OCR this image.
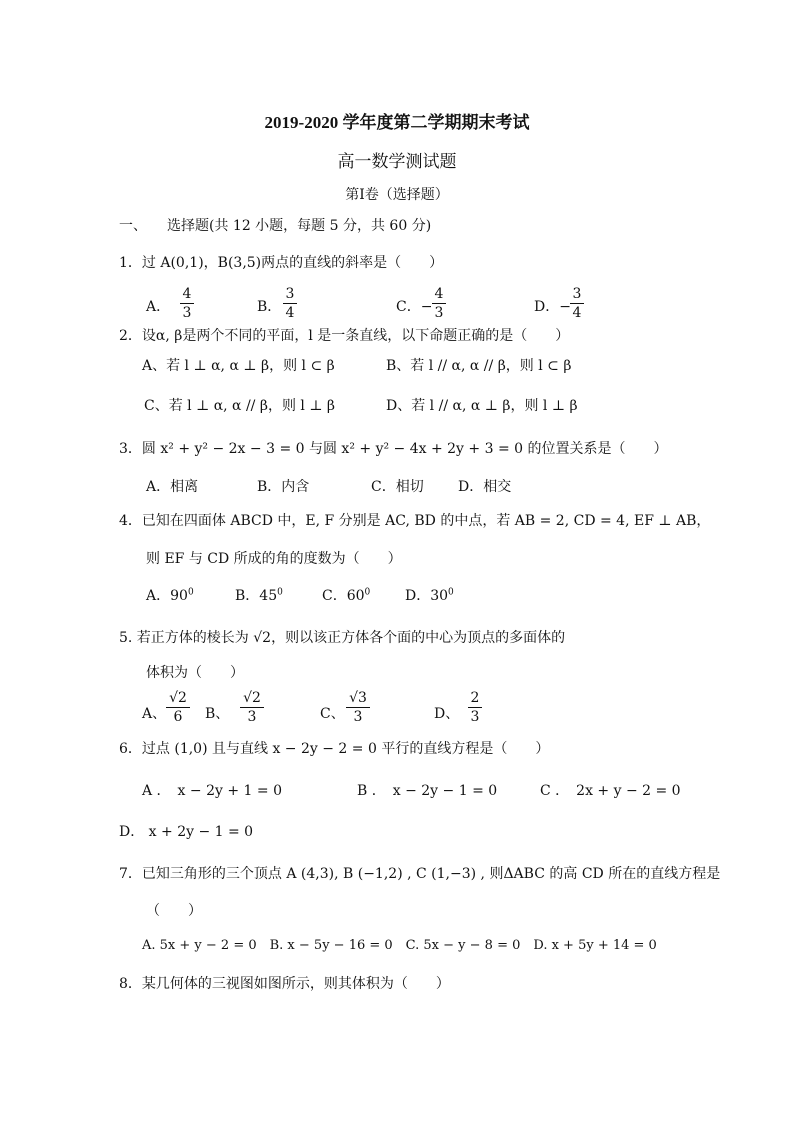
2019-2020 学年度第二学期期末考试
高一数学测试题
第Ⅰ卷（选择题）
一、 选择题(共 12 小题，每题 5 分，共 60 分)
1．过 A(0,1)，B(3,5)两点的直线的斜率是（　　）
A．
4
3	B．
3
4	C．−
4
3	D．−
3
4
2．设α, β是两个不同的平面，l 是一条直线，以下命题正确的是（　　）
A、若 l ⊥ α, α ⊥ β，则 l ⊂ β	B、若 l // α, α // β，则 l ⊂ β
C、若 l ⊥ α, α // β，则 l ⊥ β	D、若 l // α, α ⊥ β，则 l ⊥ β
3．圆 x² + y² − 2x − 3 = 0 与圆 x² + y² − 4x + 2y + 3 = 0 的位置关系是（　　）
A．相离	B．内含	C．相切 D．相交
4．已知在四面体 ABCD 中，E, F 分别是 AC, BD 的中点，若 AB = 2, CD = 4, EF ⊥ AB，
则 EF 与 CD 所成的角的度数为（　　）
A．$90^0$	B．$45^0$	C．$60^0$ D．$30^0$
5. 若正方体的棱长为 √2，则以该正方体各个面的中心为顶点的多面体的
体积为（　　）
A、
√2
6	B、
√2
3	C、
√3
3	D、
2
3
6．过点 (1,0) 且与直线 x − 2y − 2 = 0 平行的直线方程是（　　）
A ．　x − 2y + 1 = 0	B ．　x − 2y − 1 = 0	C ．　2x + y − 2 = 0
D． x + 2y − 1 = 0
7．已知三角形的三个顶点 A (4,3), B (−1,2) , C (1,−3) , 则ΔABC 的高 CD 所在的直线方程是
（　　）
A. 5x + y − 2 = 0　B. x − 5y − 16 = 0　C. 5x − y − 8 = 0　D. x + 5y + 14 = 0
8．某几何体的三视图如图所示，则其体积为（　　）
